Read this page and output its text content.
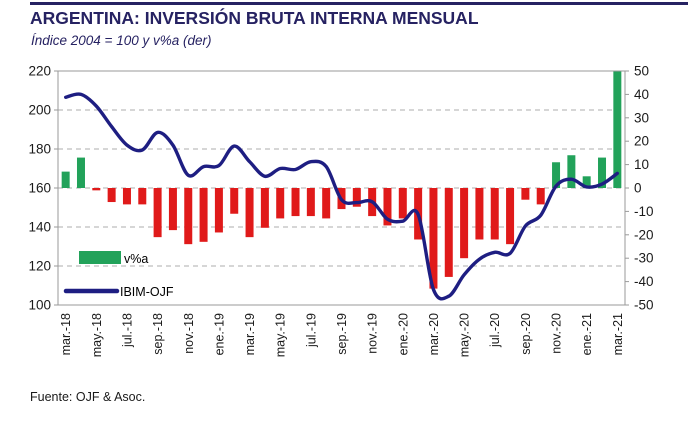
ARGENTINA: INVERSIÓN BRUTA INTERNA MENSUAL
Índice 2004 = 100 y v%a (der)
220
200
180
160
140
120
100
50
40
30
20
10
0
-10
-20
-30
-40
-50
mar.-18 may.-18 jul.-18 sep.-18 nov.-18 ene.-19 mar.-19 may.-19 jul.-19 sep.-19 nov.-19 ene.-20 mar.-20 may.-20 jul.-20 sep.-20 nov.-20 ene.-21 mar.-21
v%a
IBIM-OJF
Fuente: OJF & Asoc.
